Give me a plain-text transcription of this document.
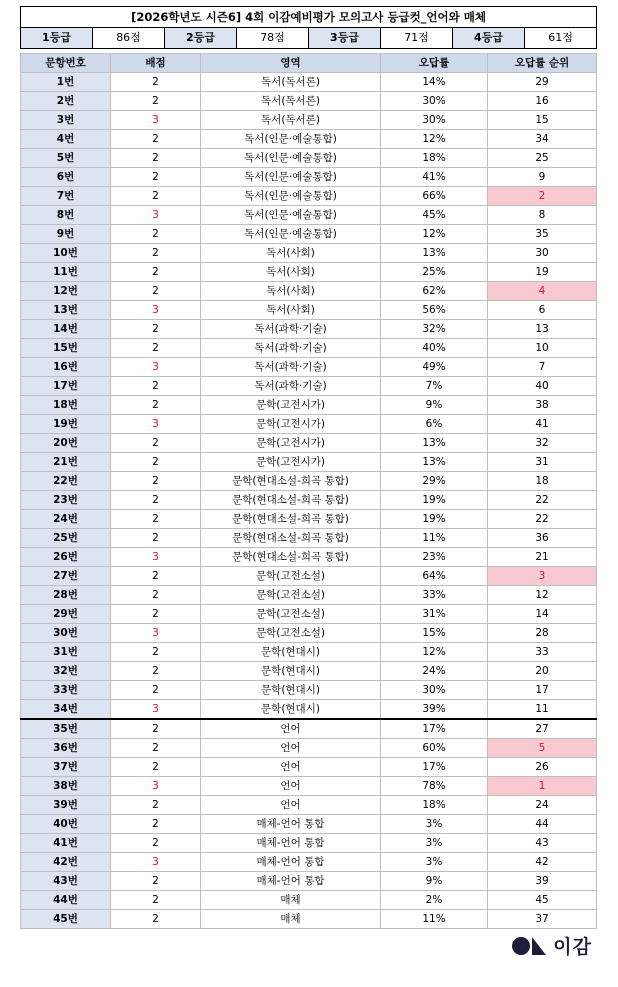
[2026학년도 시즌6] 4회 이감예비평가 모의고사 등급컷_언어와 매체
1등급	86점	2등급	78점	3등급	71점	4등급	61점
문항번호	배점	영역	오답률	오답률 순위
1번	2	독서(독서론)	14%	29
2번	2	독서(독서론)	30%	16
3번	3	독서(독서론)	30%	15
4번	2	독서(인문·예술통합)	12%	34
5번	2	독서(인문·예술통합)	18%	25
6번	2	독서(인문·예술통합)	41%	9
7번	2	독서(인문·예술통합)	66%	2
8번	3	독서(인문·예술통합)	45%	8
9번	2	독서(인문·예술통합)	12%	35
10번	2	독서(사회)	13%	30
11번	2	독서(사회)	25%	19
12번	2	독서(사회)	62%	4
13번	3	독서(사회)	56%	6
14번	2	독서(과학·기술)	32%	13
15번	2	독서(과학·기술)	40%	10
16번	3	독서(과학·기술)	49%	7
17번	2	독서(과학·기술)	7%	40
18번	2	문학(고전시가)	9%	38
19번	3	문학(고전시가)	6%	41
20번	2	문학(고전시가)	13%	32
21번	2	문학(고전시가)	13%	31
22번	2	문학(현대소설-희곡 통합)	29%	18
23번	2	문학(현대소설-희곡 통합)	19%	22
24번	2	문학(현대소설-희곡 통합)	19%	22
25번	2	문학(현대소설-희곡 통합)	11%	36
26번	3	문학(현대소설-희곡 통합)	23%	21
27번	2	문학(고전소설)	64%	3
28번	2	문학(고전소설)	33%	12
29번	2	문학(고전소설)	31%	14
30번	3	문학(고전소설)	15%	28
31번	2	문학(현대시)	12%	33
32번	2	문학(현대시)	24%	20
33번	2	문학(현대시)	30%	17
34번	3	문학(현대시)	39%	11
35번	2	언어	17%	27
36번	2	언어	60%	5
37번	2	언어	17%	26
38번	3	언어	78%	1
39번	2	언어	18%	24
40번	2	매체-언어 통합	3%	44
41번	2	매체-언어 통합	3%	43
42번	3	매체-언어 통합	3%	42
43번	2	매체-언어 통합	9%	39
44번	2	매체	2%	45
45번	2	매체	11%	37
이감
